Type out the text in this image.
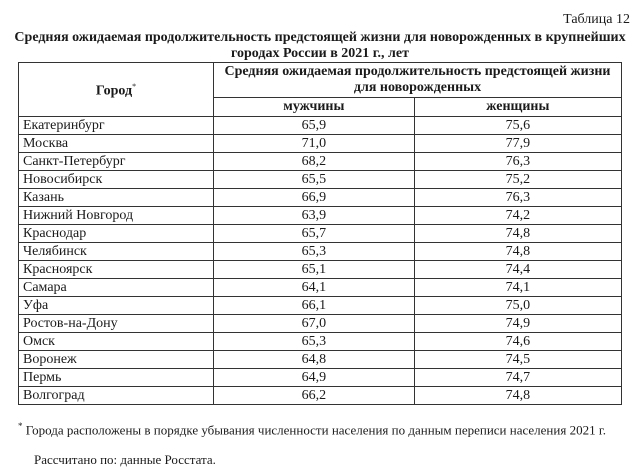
Таблица 12
Средняя ожидаемая продолжительность предстоящей жизни для новорожденных в крупнейших городах России в 2021 г., лет
Город*	Средняя ожидаемая продолжительность предстоящей жизни для новорожденных	
	мужчины	женщины
Екатеринбург	65,9	75,6
Москва	71,0	77,9
Санкт-Петербург	68,2	76,3
Новосибирск	65,5	75,2
Казань	66,9	76,3
Нижний Новгород	63,9	74,2
Краснодар	65,7	74,8
Челябинск	65,3	74,8
Красноярск	65,1	74,4
Самара	64,1	74,1
Уфа	66,1	75,0
Ростов-на-Дону	67,0	74,9
Омск	65,3	74,6
Воронеж	64,8	74,5
Пермь	64,9	74,7
Волгоград	66,2	74,8
* Города расположены в порядке убывания численности населения по данным переписи населения 2021 г.
Рассчитано по: данные Росстата.
